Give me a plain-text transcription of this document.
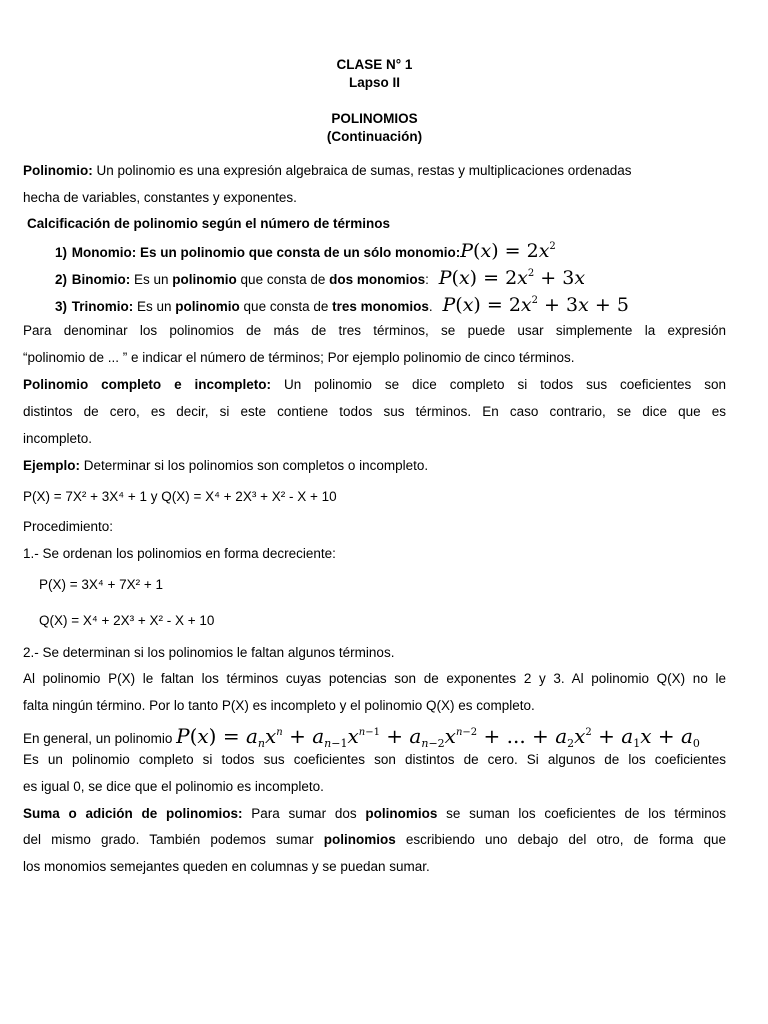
CLASE N° 1
Lapso II
POLINOMIOS
(Continuación)
Polinomio: Un polinomio es una expresión algebraica de sumas, restas y multiplicaciones ordenadas
hecha de variables, constantes y exponentes.
Calcificación de polinomio según el número de términos
1) Monomio: Es un polinomio que consta de un sólo monomio:P(x) = $2x^2$
2) Binomio: Es un polinomio que consta de dos monomios: $P(x) = 2x^2 + 3x$
3) Trinomio: Es un polinomio que consta de tres monomios. $P(x) = 2x^2 + 3x + 5$
Para denominar los polinomios de más de tres términos, se puede usar simplemente la expresión
“polinomio de ... ” e indicar el número de términos; Por ejemplo polinomio de cinco términos.
Polinomio completo e incompleto: Un polinomio se dice completo si todos sus coeficientes son
distintos de cero, es decir, si este contiene todos sus términos. En caso contrario, se dice que es
incompleto.
Ejemplo: Determinar si los polinomios son completos o incompleto.
P(X) = 7X² + 3X⁴ + 1 y Q(X) = X⁴ + 2X³ + X² - X + 10
Procedimiento:
1.- Se ordenan los polinomios en forma decreciente:
P(X) = 3X⁴ + 7X² + 1
Q(X) = X⁴ + 2X³ + X² - X + 10
2.- Se determinan si los polinomios le faltan algunos términos.
Al polinomio P(X) le faltan los términos cuyas potencias son de exponentes 2 y 3. Al polinomio Q(X) no le
falta ningún término. Por lo tanto P(X) es incompleto y el polinomio Q(X) es completo.
En general, un polinomio $P(x) = a_nx^n + a_{n-1}x^{n-1} + a_{n-2}x^{n-2}$ + ... + $a_2x^2 + a_1x + a_0$
Es un polinomio completo si todos sus coeficientes son distintos de cero. Si algunos de los coeficientes
es igual 0, se dice que el polinomio es incompleto.
Suma o adición de polinomios: Para sumar dos polinomios se suman los coeficientes de los términos
del mismo grado. También podemos sumar polinomios escribiendo uno debajo del otro, de forma que
los monomios semejantes queden en columnas y se puedan sumar.
